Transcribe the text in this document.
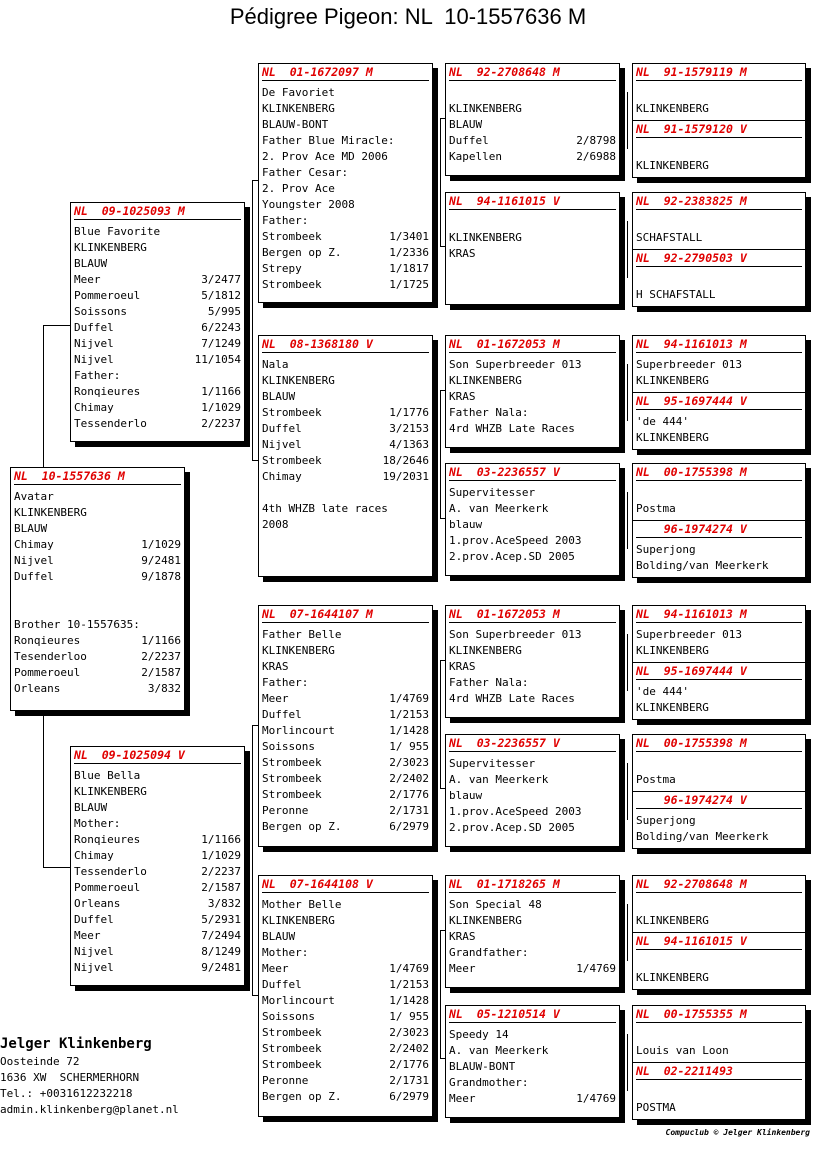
Pédigree Pigeon: NL  10-1557636 M
NL  10-1557636 M
Avatar
KLINKENBERG
BLAUW
Chimay	1/1029
Nijvel	9/2481
Duffel	9/1878
Brother 10-1557635:
Ronqieures	1/1166
Tesenderloo	2/2237
Pommeroeul	2/1587
Orleans	3/832
NL  09-1025093 M
Blue Favorite
KLINKENBERG
BLAUW
Meer	3/2477
Pommeroeul	5/1812
Soissons	5/995
Duffel	6/2243
Nijvel	7/1249
Nijvel	11/1054
Father:
Ronqieures	1/1166
Chimay	1/1029
Tessenderlo	2/2237
NL  09-1025094 V
Blue Bella
KLINKENBERG
BLAUW
Mother:
Ronqieures	1/1166
Chimay	1/1029
Tessenderlo	2/2237
Pommeroeul	2/1587
Orleans	3/832
Duffel	5/2931
Meer	7/2494
Nijvel	8/1249
Nijvel	9/2481
NL  01-1672097 M
De Favoriet
KLINKENBERG
BLAUW-BONT
Father Blue Miracle:
2. Prov Ace MD 2006
Father Cesar:
2. Prov Ace
Youngster 2008
Father:
Strombeek	1/3401
Bergen op Z.	1/2336
Strepy	1/1817
Strombeek	1/1725
NL  08-1368180 V
Nala
KLINKENBERG
BLAUW
Strombeek	1/1776
Duffel	3/2153
Nijvel	4/1363
Strombeek	18/2646
Chimay	19/2031
4th WHZB late races
2008
NL  07-1644107 M
Father Belle
KLINKENBERG
KRAS
Father:
Meer	1/4769
Duffel	1/2153
Morlincourt	1/1428
Soissons	1/ 955
Strombeek	2/3023
Strombeek	2/2402
Strombeek	2/1776
Peronne	2/1731
Bergen op Z.	6/2979
NL  07-1644108 V
Mother Belle
KLINKENBERG
BLAUW
Mother:
Meer	1/4769
Duffel	1/2153
Morlincourt	1/1428
Soissons	1/ 955
Strombeek	2/3023
Strombeek	2/2402
Strombeek	2/1776
Peronne	2/1731
Bergen op Z.	6/2979
NL  92-2708648 M
KLINKENBERG
BLAUW
Duffel	2/8798
Kapellen	2/6988
NL  94-1161015 V
KLINKENBERG
KRAS
NL  01-1672053 M
Son Superbreeder 013
KLINKENBERG
KRAS
Father Nala:
4rd WHZB Late Races
NL  03-2236557 V
Supervitesser
A. van Meerkerk
blauw
1.prov.AceSpeed 2003
2.prov.Acep.SD 2005
NL  01-1672053 M
Son Superbreeder 013
KLINKENBERG
KRAS
Father Nala:
4rd WHZB Late Races
NL  03-2236557 V
Supervitesser
A. van Meerkerk
blauw
1.prov.AceSpeed 2003
2.prov.Acep.SD 2005
NL  01-1718265 M
Son Special 48
KLINKENBERG
KRAS
Grandfather:
Meer	1/4769
NL  05-1210514 V
Speedy 14
A. van Meerkerk
BLAUW-BONT
Grandmother:
Meer	1/4769
NL  91-1579119 M
KLINKENBERG
NL  91-1579120 V
KLINKENBERG
NL  92-2383825 M
SCHAFSTALL
NL  92-2790503 V
H SCHAFSTALL
NL  94-1161013 M
Superbreeder 013
KLINKENBERG
NL  95-1697444 V
'de 444'
KLINKENBERG
NL  00-1755398 M
Postma
96-1974274 V
Superjong
Bolding/van Meerkerk
NL  94-1161013 M
Superbreeder 013
KLINKENBERG
NL  95-1697444 V
'de 444'
KLINKENBERG
NL  00-1755398 M
Postma
96-1974274 V
Superjong
Bolding/van Meerkerk
NL  92-2708648 M
KLINKENBERG
NL  94-1161015 V
KLINKENBERG
NL  00-1755355 M
Louis van Loon
NL  02-2211493
POSTMA
Jelger Klinkenberg
Oosteinde 72
1636 XW  SCHERMERHORN
Tel.: +0031612232218
admin.klinkenberg@planet.nl
Compuclub © Jelger Klinkenberg
